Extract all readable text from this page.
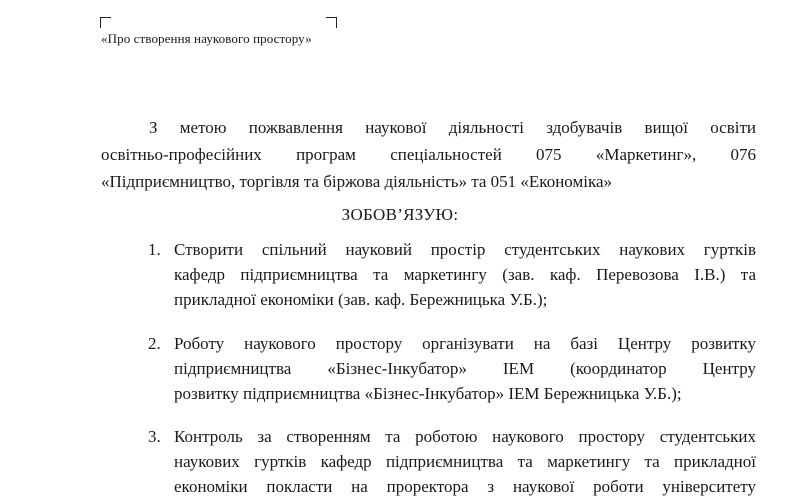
«Про створення наукового простору»
З метою пожвавлення наукової діяльності здобувачів вищої освіти
освітньо-професійних програм спеціальностей 075 «Маркетинг», 076
«Підприємництво, торгівля та біржова діяльність» та 051 «Економіка»
ЗОБОВ’ЯЗУЮ:
1. Створити спільний науковий простір студентських наукових гуртків
кафедр підприємництва та маркетингу (зав. каф. Перевозова І.В.) та
прикладної економіки (зав. каф. Бережницька У.Б.);
2. Роботу наукового простору організувати на базі Центру розвитку
підприємництва «Бізнес-Інкубатор» ІЕМ (координатор Центру
розвитку підприємництва «Бізнес-Інкубатор» ІЕМ Бережницька У.Б.);
3. Контроль за створенням та роботою наукового простору студентських
наукових гуртків кафедр підприємництва та маркетингу та прикладної
економіки покласти на проректора з наукової роботи університету
